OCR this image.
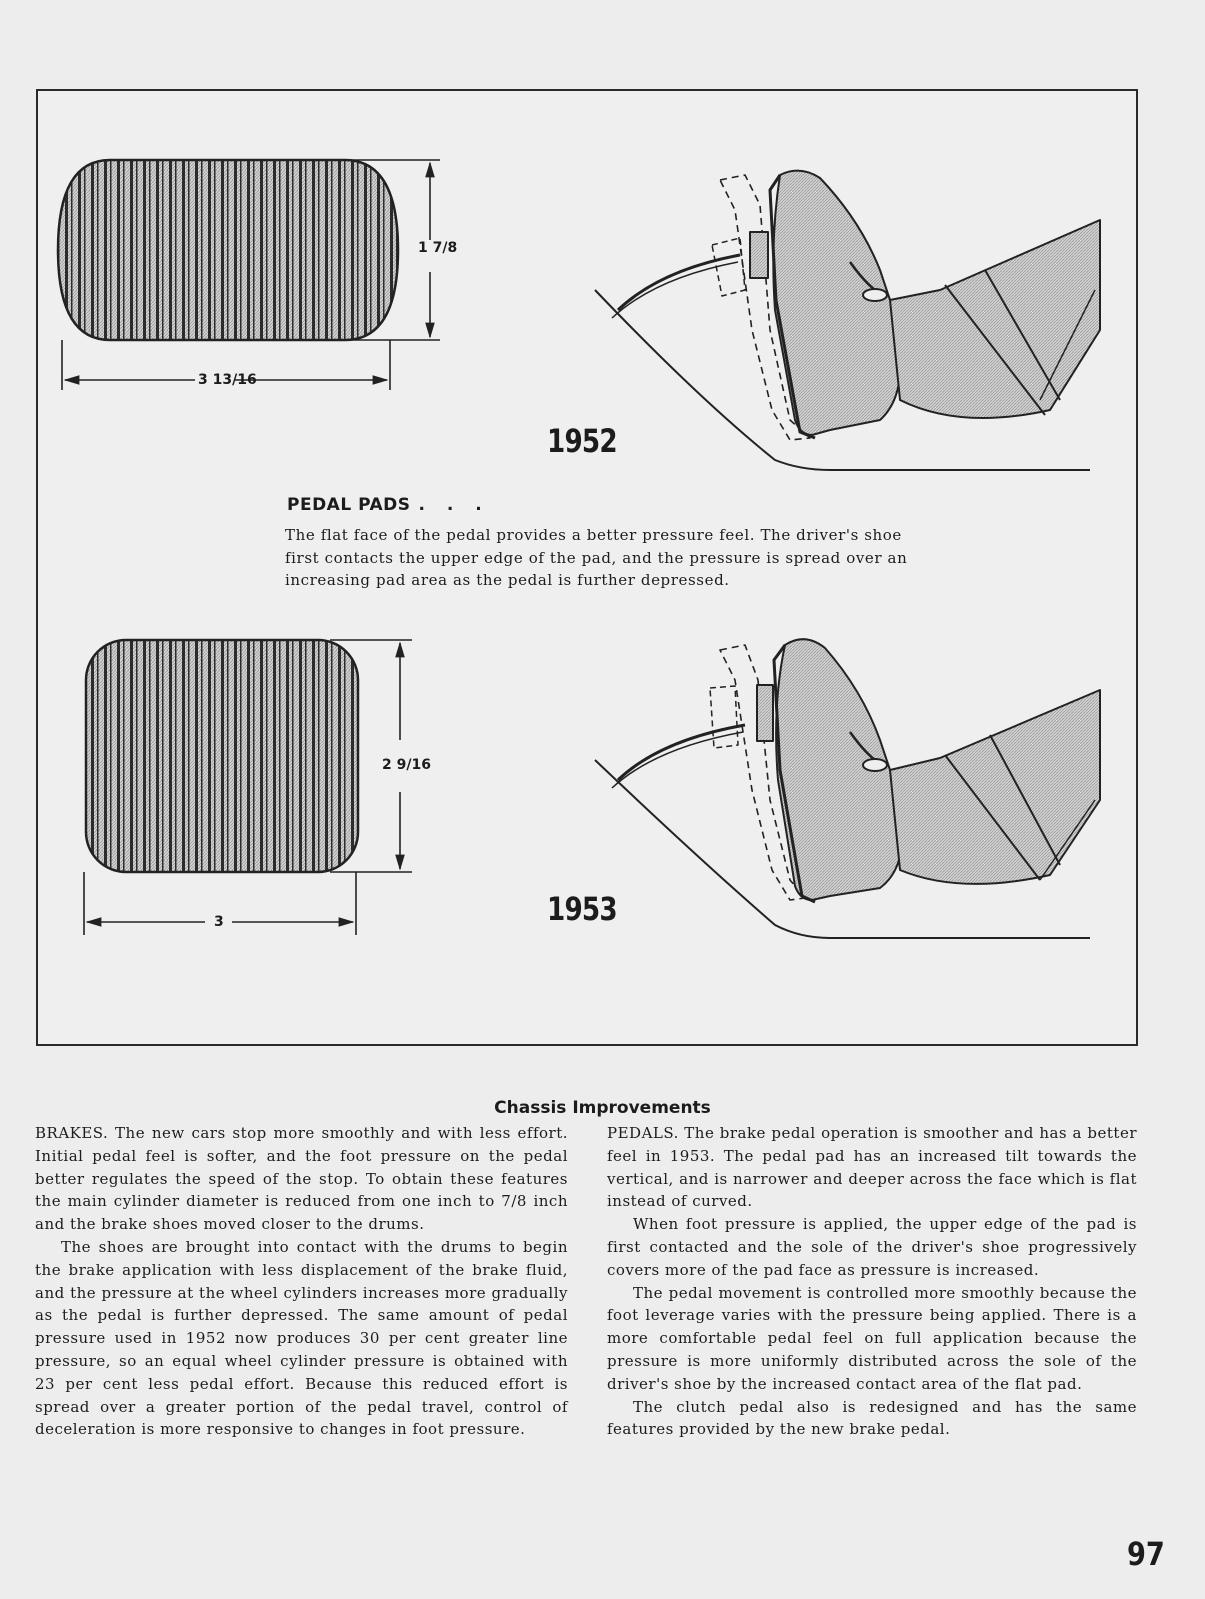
1 7/8
3 13/16
2 9/16
3
1952
1953
PEDAL PADS . . .
The flat face of the pedal provides a better pressure feel. The driver's shoe first contacts the upper edge of the pad, and the pressure is spread over an increasing pad area as the pedal is further depressed.
Chassis Improvements

BRAKES. The new cars stop more smoothly and with less effort. Initial pedal feel is softer, and the foot pressure on the pedal better regulates the speed of the stop. To obtain these features the main cylinder diameter is reduced from one inch to 7/8 inch and the brake shoes moved closer to the drums.

The shoes are brought into contact with the drums to begin the brake application with less displacement of the brake fluid, and the pressure at the wheel cylinders increases more gradually as the pedal is further depressed. The same amount of pedal pressure used in 1952 now produces 30 per cent greater line pressure, so an equal wheel cylinder pressure is obtained with 23 per cent less pedal effort. Because this reduced effort is spread over a greater portion of the pedal travel, control of deceleration is more responsive to changes in foot pressure.

PEDALS. The brake pedal operation is smoother and has a better feel in 1953. The pedal pad has an increased tilt towards the vertical, and is narrower and deeper across the face which is flat instead of curved.

When foot pressure is applied, the upper edge of the pad is first contacted and the sole of the driver's shoe progressively covers more of the pad face as pressure is increased.

The pedal movement is controlled more smoothly because the foot leverage varies with the pressure being applied. There is a more comfortable pedal feel on full application because the pressure is more uniformly distributed across the sole of the driver's shoe by the increased contact area of the flat pad.

The clutch pedal also is redesigned and has the same features provided by the new brake pedal.

97
